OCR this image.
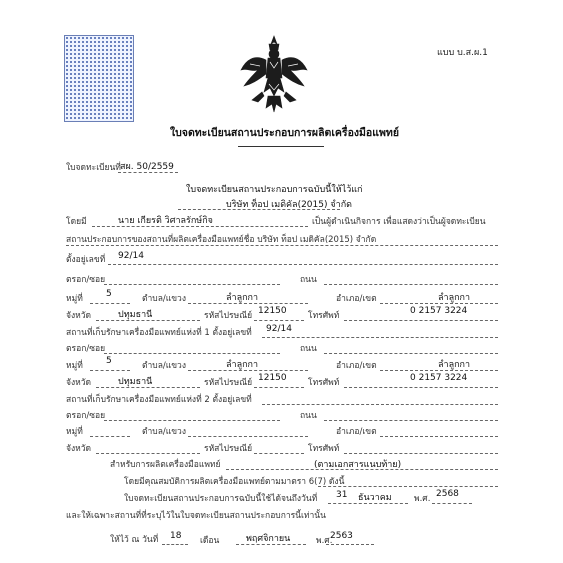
แบบ บ.ส.ผ.1
ใบจดทะเบียนสถานประกอบการผลิตเครื่องมือแพทย์
ใบจดทะเบียนที่ สผ. 50/2559
ใบจดทะเบียนสถานประกอบการฉบับนี้ให้ไว้แก่
บริษัท ท็อป เมดิคัล(2015) จำกัด
โดยมี	นาย เกียรติ วิศาลรักษ์กิจ	เป็นผู้ดำเนินกิจการ เพื่อแสดงว่าเป็นผู้จดทะเบียน
สถานประกอบการของสถานที่ผลิตเครื่องมือแพทย์ชื่อ บริษัท ท็อป เมดิคัล(2015) จำกัด
ตั้งอยู่เลขที่ 92/14
ตรอก/ซอย	ถนน
หมู่ที่	5	ตำบล/แขวง	ลำลูกกา	อำเภอ/เขต	ลำลูกกา
จังหวัด	ปทุมธานี	รหัสไปรษณีย์ 12150	โทรศัพท์	0 2157 3224
สถานที่เก็บรักษาเครื่องมือแพทย์แห่งที่ 1 ตั้งอยู่เลขที่ 92/14
ตรอก/ซอย	ถนน
หมู่ที่	5	ตำบล/แขวง	ลำลูกกา	อำเภอ/เขต	ลำลูกกา
จังหวัด	ปทุมธานี	รหัสไปรษณีย์ 12150	โทรศัพท์	0 2157 3224
สถานที่เก็บรักษาเครื่องมือแพทย์แห่งที่ 2 ตั้งอยู่เลขที่
ตรอก/ซอย	ถนน
หมู่ที่	ตำบล/แขวง	อำเภอ/เขต
จังหวัด	รหัสไปรษณีย์	โทรศัพท์
สำหรับการผลิตเครื่องมือแพทย์	(ตามเอกสารแนบท้าย)
โดยมีคุณสมบัติการผลิตเครื่องมือแพทย์ตามมาตรา 6(7) ดังนี้
ใบจดทะเบียนสถานประกอบการฉบับนี้ใช้ได้จนถึงวันที่ 31 ธันวาคม	พ.ศ. 2568
และให้เฉพาะสถานที่ที่ระบุไว้ในใบจดทะเบียนสถานประกอบการนี้เท่านั้น
ให้ไว้ ณ วันที่ 18 เดือน	พฤศจิกายน	พ.ศ.
2563
